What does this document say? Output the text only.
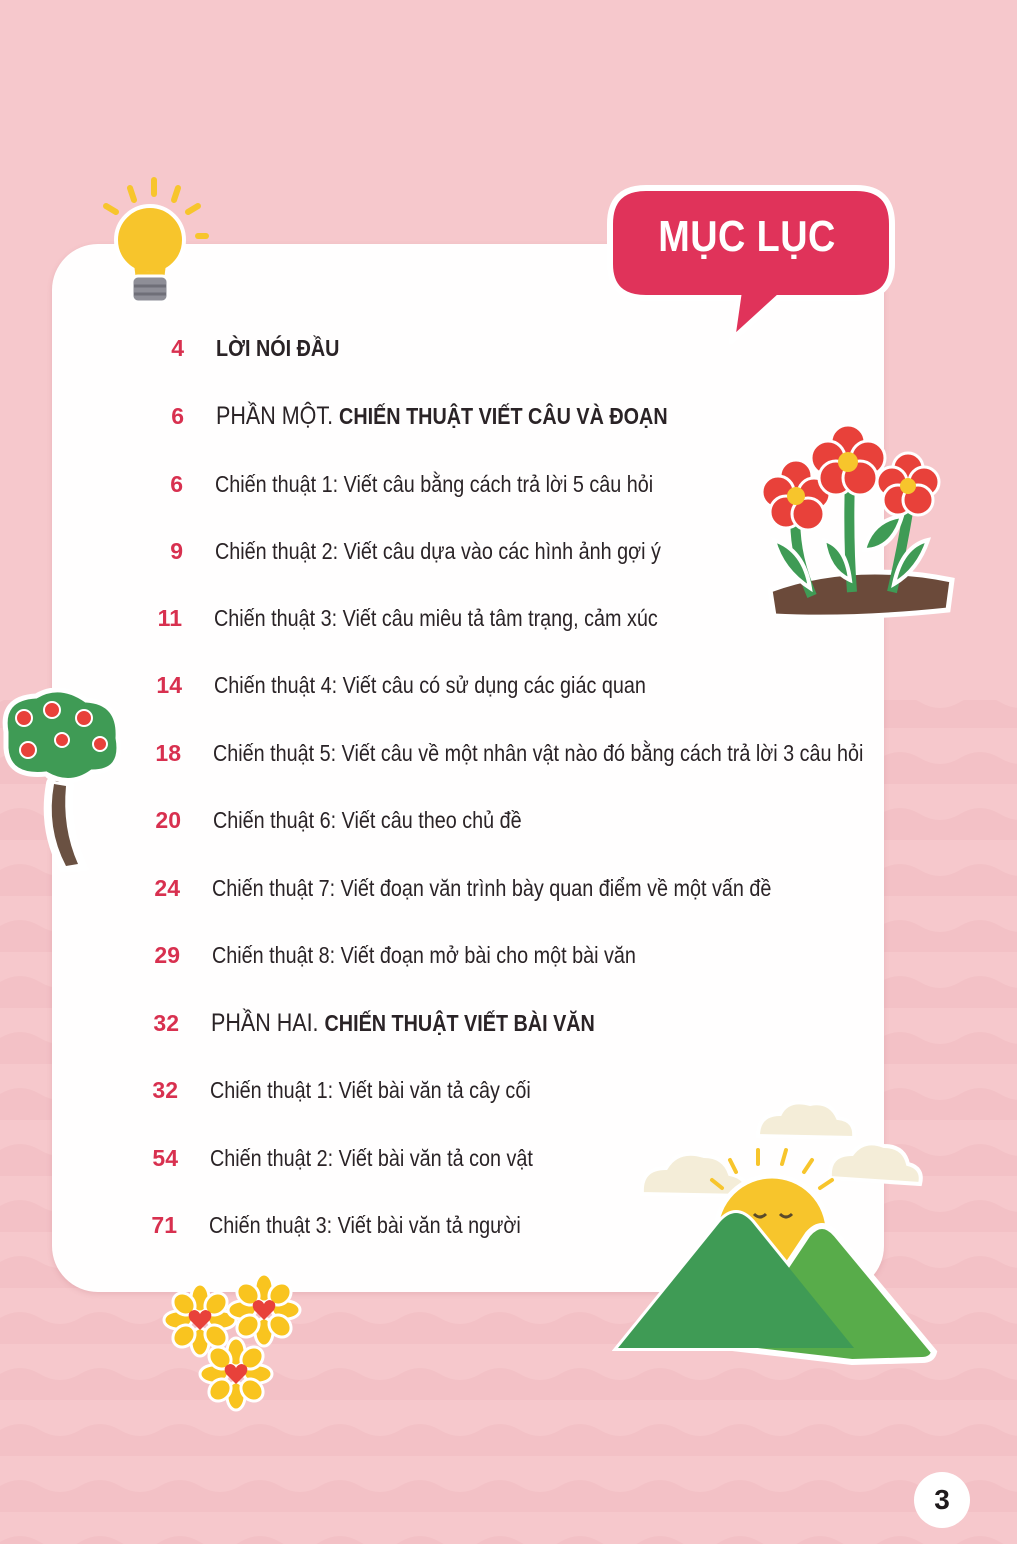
MỤC LỤC
4 LỜI NÓI ĐẦU
6 PHẦN MỘT. CHIẾN THUẬT VIẾT CÂU VÀ ĐOẠN
6 Chiến thuật 1: Viết câu bằng cách trả lời 5 câu hỏi
9 Chiến thuật 2: Viết câu dựa vào các hình ảnh gợi ý
11 Chiến thuật 3: Viết câu miêu tả tâm trạng, cảm xúc
14 Chiến thuật 4: Viết câu có sử dụng các giác quan
18 Chiến thuật 5: Viết câu về một nhân vật nào đó bằng cách trả lời 3 câu hỏi
20 Chiến thuật 6: Viết câu theo chủ đề
24 Chiến thuật 7: Viết đoạn văn trình bày quan điểm về một vấn đề
29 Chiến thuật 8: Viết đoạn mở bài cho một bài văn
32 PHẦN HAI. CHIẾN THUẬT VIẾT BÀI VĂN
32 Chiến thuật 1: Viết bài văn tả cây cối
54 Chiến thuật 2: Viết bài văn tả con vật
71 Chiến thuật 3: Viết bài văn tả người
3
